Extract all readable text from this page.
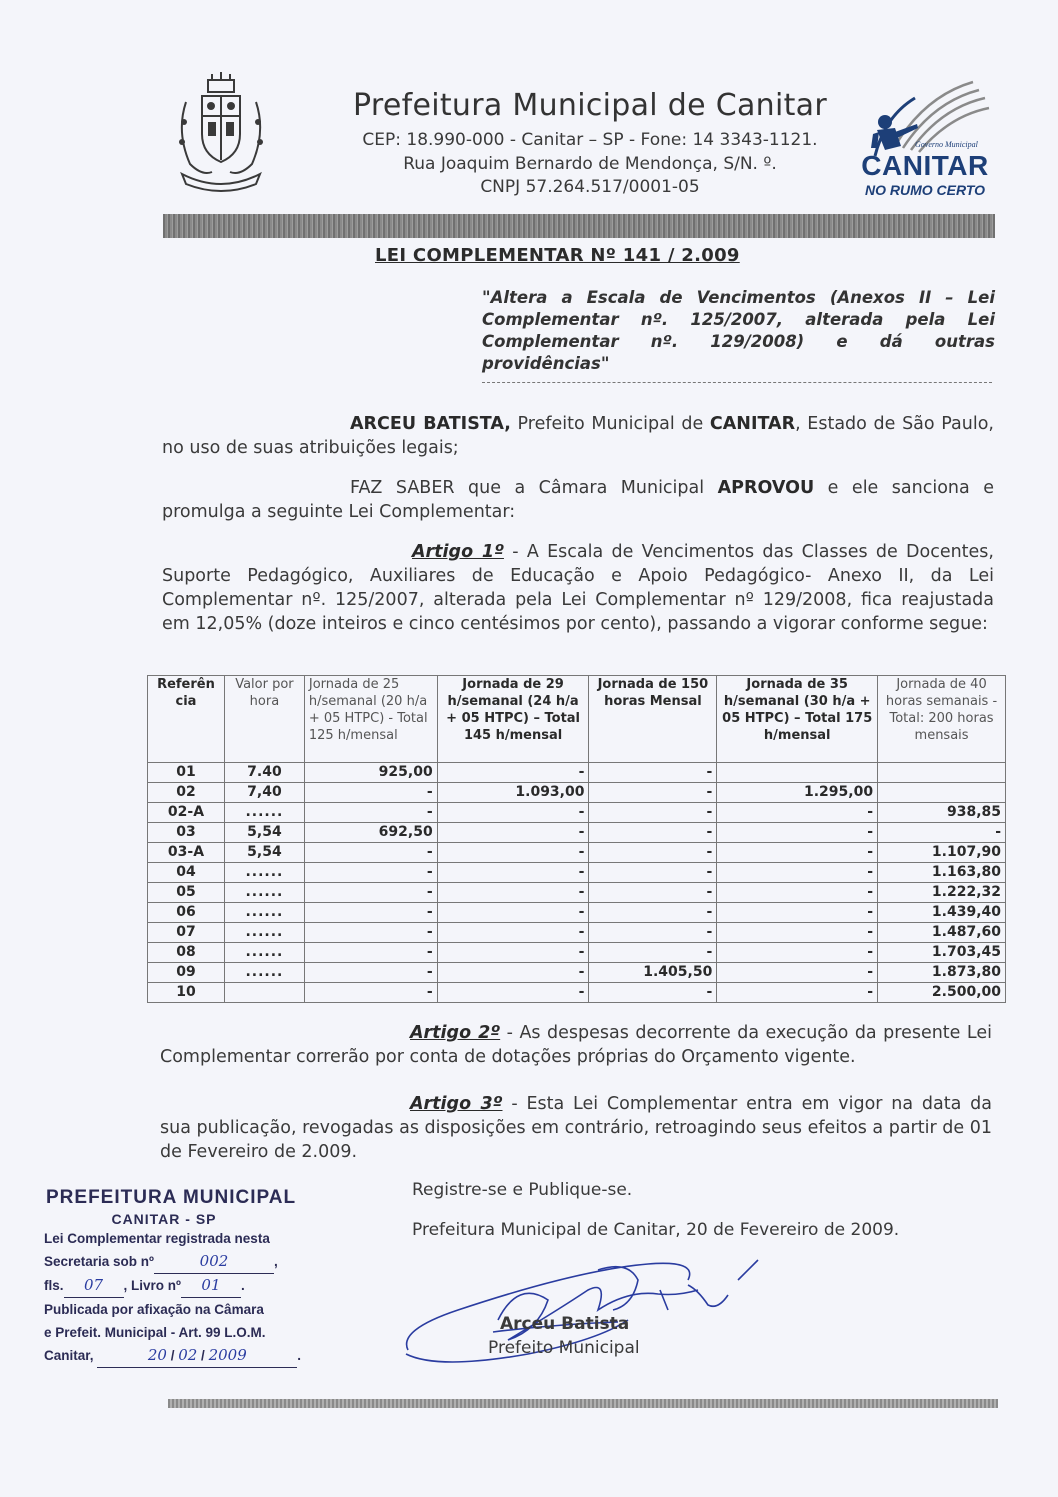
Prefeitura Municipal de Canitar
CEP: 18.990-000 - Canitar – SP - Fone: 14 3343-1121.
Rua Joaquim Bernardo de Mendonça, S/N. º.
CNPJ 57.264.517/0001-05
Governo Municipal
CANITAR
NO RUMO CERTO
LEI COMPLEMENTAR Nº 141 / 2.009
"Altera a Escala de Vencimentos (Anexos II – Lei Complementar nº. 125/2007, alterada pela Lei Complementar nº. 129/2008) e dá outras providências"
ARCEU BATISTA, Prefeito Municipal de CANITAR, Estado de São Paulo, no uso de suas atribuições legais;
FAZ SABER que a Câmara Municipal APROVOU e ele sanciona e promulga a seguinte Lei Complementar:
Artigo 1º - A Escala de Vencimentos das Classes de Docentes, Suporte Pedagógico, Auxiliares de Educação e Apoio Pedagógico- Anexo II, da Lei Complementar nº. 125/2007, alterada pela Lei Complementar nº 129/2008, fica reajustada em 12,05% (doze inteiros e cinco centésimos por cento), passando a vigorar conforme segue:
Referên cia	Valor por hora	Jornada de 25 h/semanal (20 h/a + 05 HTPC) - Total 125 h/mensal	Jornada de 29 h/semanal (24 h/a + 05 HTPC) – Total 145 h/mensal	Jornada de 150 horas Mensal	Jornada de 35 h/semanal (30 h/a + 05 HTPC) – Total 175 h/mensal	Jornada de 40 horas semanais - Total: 200 horas mensais
01	7.40	925,00	-	-		
02	7,40	-	1.093,00	-	1.295,00	
02-A	......	-	-	-	-	938,85
03	5,54	692,50	-	-	-	-
03-A	5,54	-	-	-	-	1.107,90
04	......	-	-	-	-	1.163,80
05	......	-	-	-	-	1.222,32
06	......	-	-	-	-	1.439,40
07	......	-	-	-	-	1.487,60
08	......	-	-	-	-	1.703,45
09	......	-	-	1.405,50	-	1.873,80
10		-	-	-	-	2.500,00
Artigo 2º - As despesas decorrente da execução da presente Lei Complementar correrão por conta de dotações próprias do Orçamento vigente.
Artigo 3º - Esta Lei Complementar entra em vigor na data da sua publicação, revogadas as disposições em contrário, retroagindo seus efeitos a partir de 01 de Fevereiro de 2.009.
PREFEITURA MUNICIPAL
CANITAR - SP
Lei Complementar registrada nesta
Secretaria sob nº	002	,
fls. 07 , Livro nº 01 .
Publicada por afixação na Câmara
e Prefeit. Municipal - Art. 99 L.O.M.
Canitar,	20 / 02 / 2009	.
Registre-se e Publique-se.
Prefeitura Municipal de Canitar, 20 de Fevereiro de 2009.
Arceu Batista
Prefeito Municipal
